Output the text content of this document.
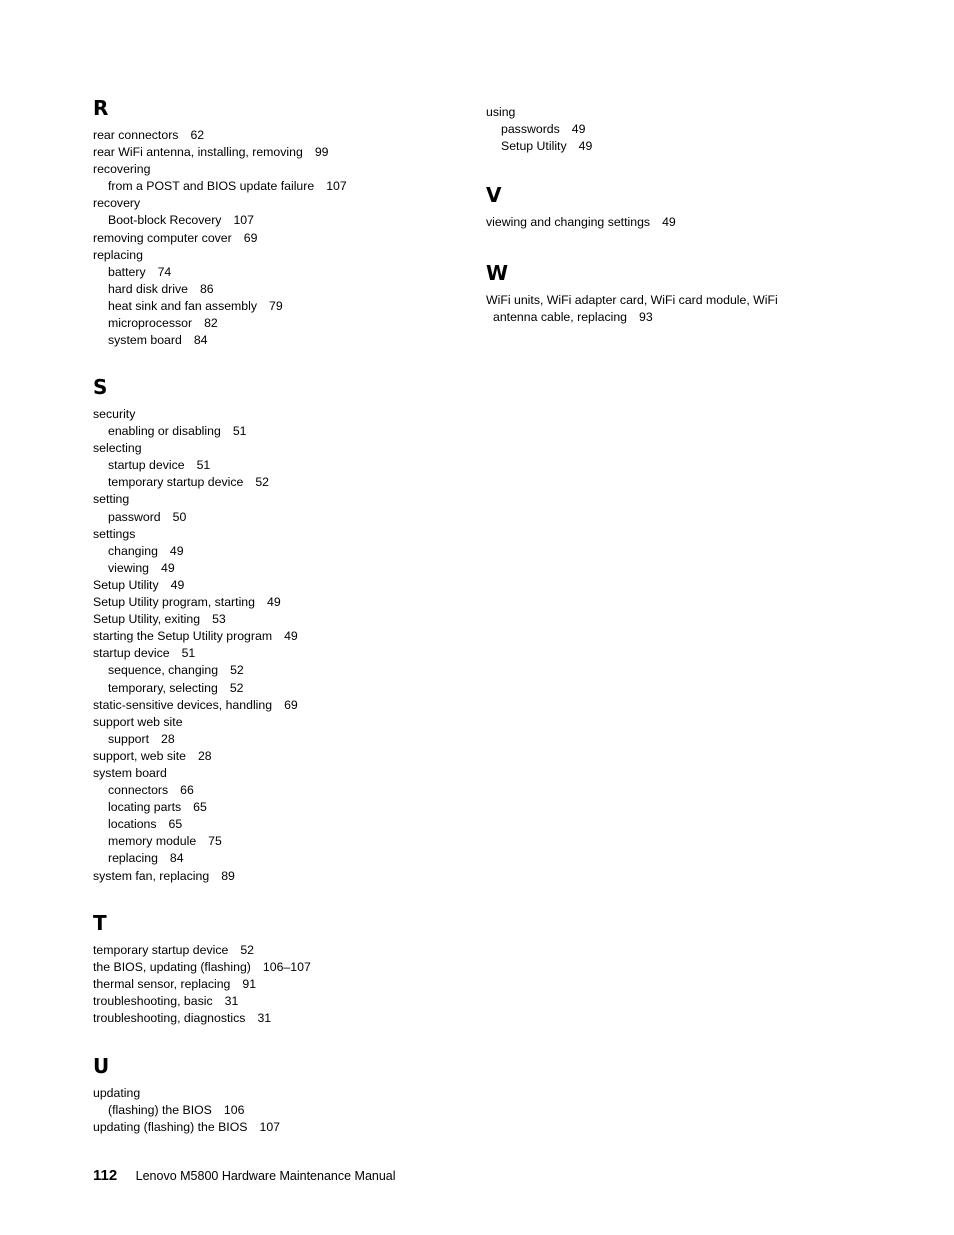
R
rear connectors 62
rear WiFi antenna, installing, removing 99
recovering
from a POST and BIOS update failure 107
recovery
Boot-block Recovery 107
removing computer cover 69
replacing
battery 74
hard disk drive 86
heat sink and fan assembly 79
microprocessor 82
system board 84
S
security
enabling or disabling 51
selecting
startup device 51
temporary startup device 52
setting
password 50
settings
changing 49
viewing 49
Setup Utility 49
Setup Utility program, starting 49
Setup Utility, exiting 53
starting the Setup Utility program 49
startup device 51
sequence, changing 52
temporary, selecting 52
static-sensitive devices, handling 69
support web site
support 28
support, web site 28
system board
connectors 66
locating parts 65
locations 65
memory module 75
replacing 84
system fan, replacing 89
T
temporary startup device 52
the BIOS, updating (flashing) 106–107
thermal sensor, replacing 91
troubleshooting, basic 31
troubleshooting, diagnostics 31
U
updating
(flashing) the BIOS 106
updating (flashing) the BIOS 107
using
passwords 49
Setup Utility 49
V
viewing and changing settings 49
W
WiFi units, WiFi adapter card, WiFi card module, WiFi
antenna cable, replacing 93
112 Lenovo M5800 Hardware Maintenance Manual
